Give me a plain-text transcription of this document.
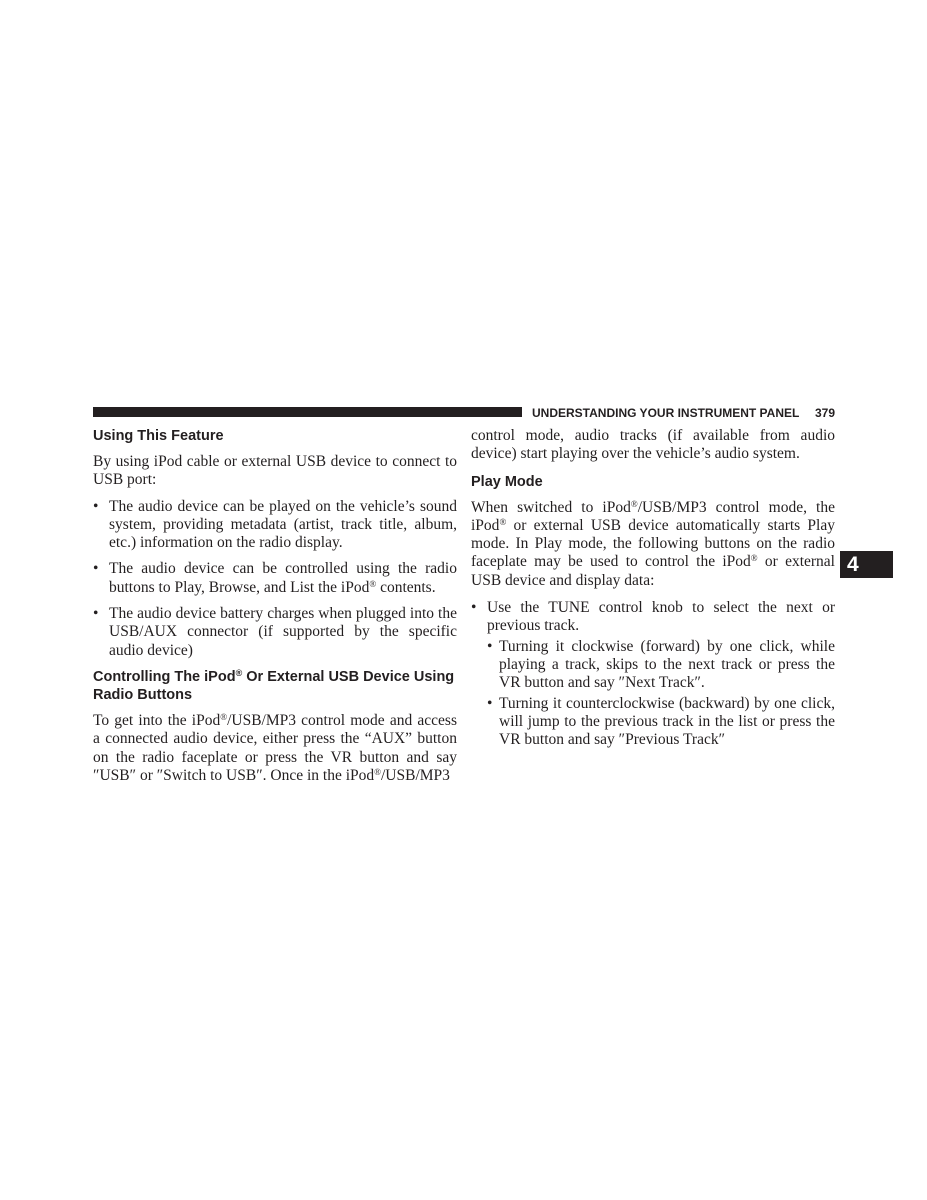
UNDERSTANDING YOUR INSTRUMENT PANEL 379
4
Using This Feature

By using iPod cable or external USB device to connect to USB port:

• The audio device can be played on the vehicle’s sound system, providing metadata (artist, track title, album, etc.) information on the radio display.
• The audio device can be controlled using the radio buttons to Play, Browse, and List the iPod® contents.
• The audio device battery charges when plugged into the USB/AUX connector (if supported by the specific audio device)
Controlling The iPod® Or External USB Device Using Radio Buttons

To get into the iPod®/USB/MP3 control mode and access a connected audio device, either press the “AUX” button on the radio faceplate or press the VR button and say ″USB″ or ″Switch to USB″. Once in the iPod®/USB/MP3

control mode, audio tracks (if available from audio device) start playing over the vehicle’s audio system.

Play Mode

When switched to iPod®/USB/MP3 control mode, the iPod® or external USB device automatically starts Play mode. In Play mode, the following buttons on the radio faceplate may be used to control the iPod® or external USB device and display data:

• Use the TUNE control knob to select the next or previous track.
• Turning it clockwise (forward) by one click, while playing a track, skips to the next track or press the VR button and say ″Next Track″.
• Turning it counterclockwise (backward) by one click, will jump to the previous track in the list or press the VR button and say ″Previous Track″
